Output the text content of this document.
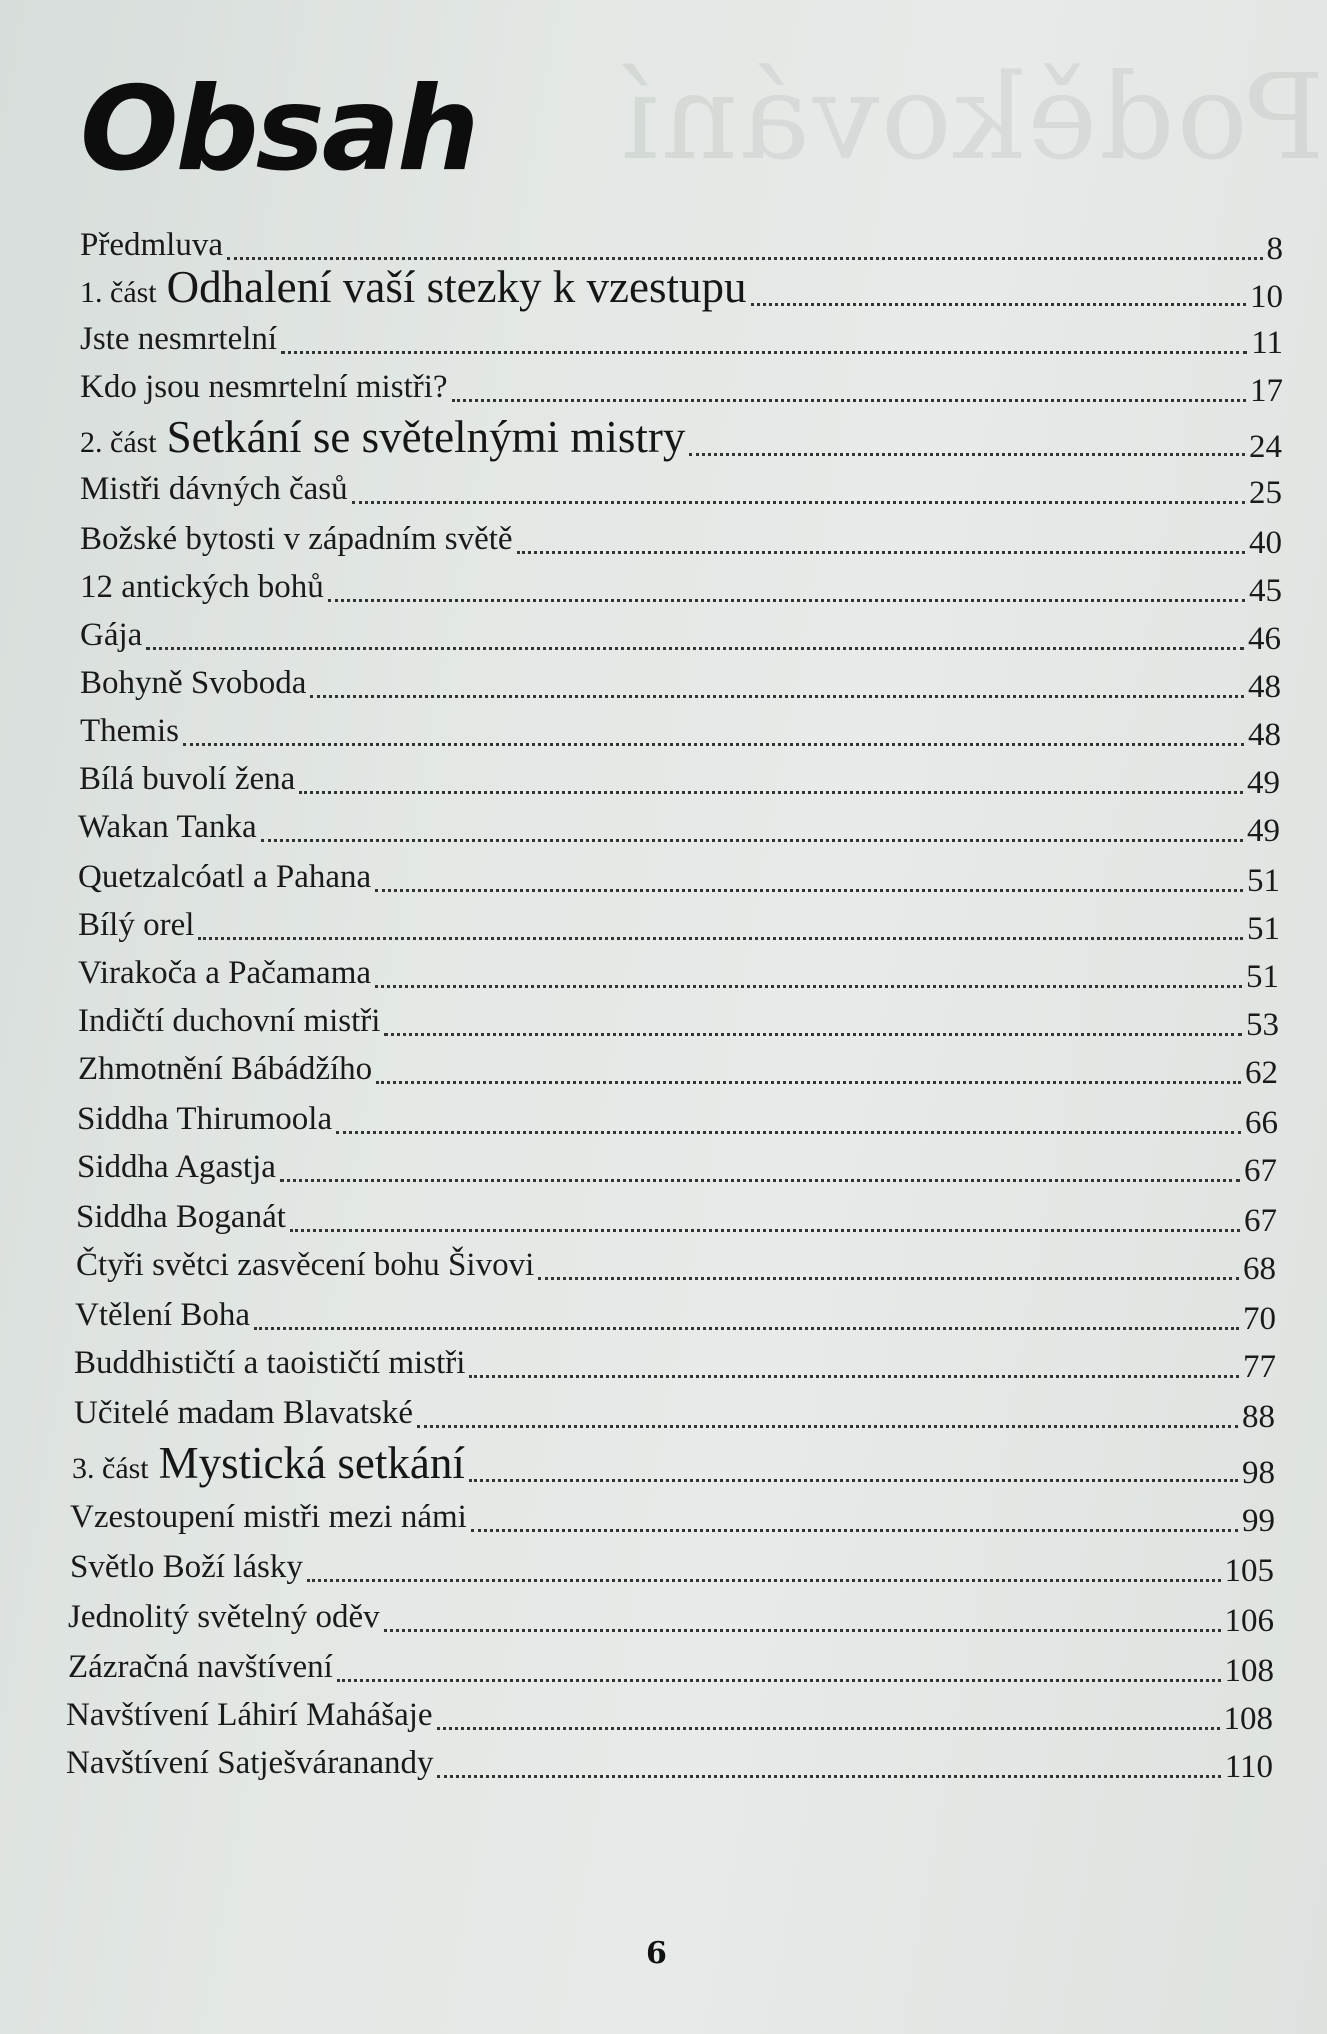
Poděkování
Obsah
Předmluva	8
1. část Odhalení vaší stezky k vzestupu	10
Jste nesmrtelní	11
Kdo jsou nesmrtelní mistři?	17
2. část Setkání se světelnými mistry	24
Mistři dávných časů	25
Božské bytosti v západním světě	40
12 antických bohů	45
Gája	46
Bohyně Svoboda	48
Themis	48
Bílá buvolí žena	49
Wakan Tanka	49
Quetzalcóatl a Pahana	51
Bílý orel	51
Virakoča a Pačamama	51
Indičtí duchovní mistři	53
Zhmotnění Bábádžího	62
Siddha Thirumoola	66
Siddha Agastja	67
Siddha Boganát	67
Čtyři světci zasvěcení bohu Šivovi	68
Vtělení Boha	70
Buddhističtí a taoističtí mistři	77
Učitelé madam Blavatské	88
3. část Mystická setkání	98
Vzestoupení mistři mezi námi	99
Světlo Boží lásky	105
Jednolitý světelný oděv	106
Zázračná navštívení	108
Navštívení Láhirí Mahášaje	108
Navštívení Satješváranandy	110
6
